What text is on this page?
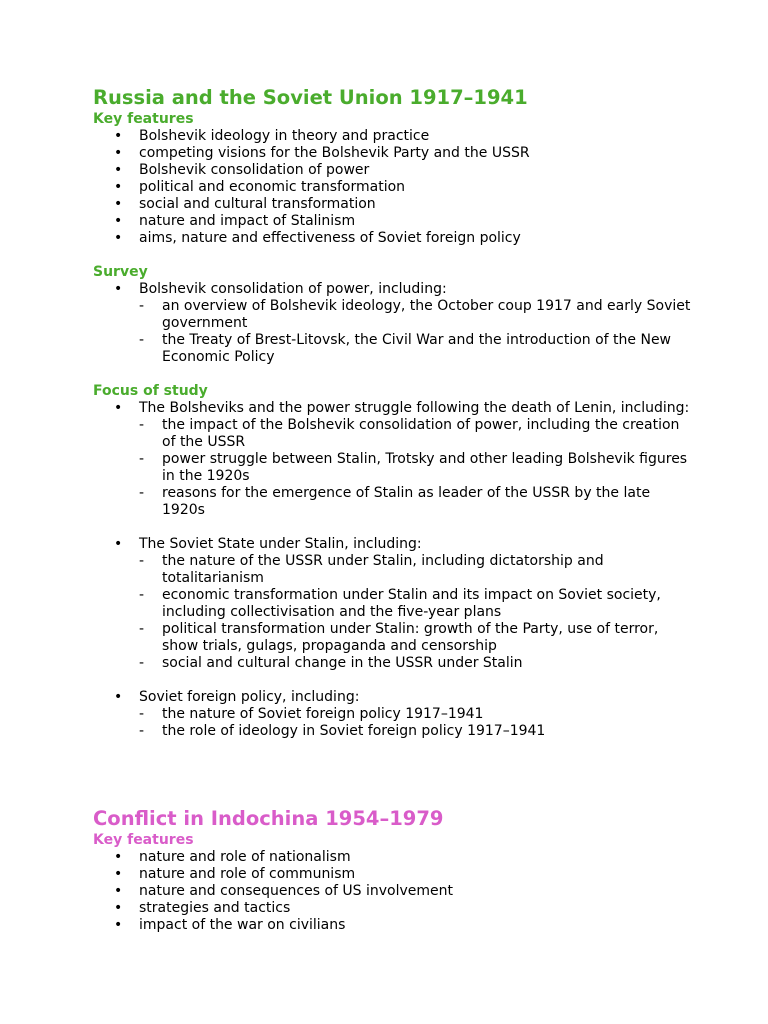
Russia and the Soviet Union 1917–1941
Key features
• Bolshevik ideology in theory and practice
• competing visions for the Bolshevik Party and the USSR
• Bolshevik consolidation of power
• political and economic transformation
• social and cultural transformation
• nature and impact of Stalinism
• aims, nature and effectiveness of Soviet foreign policy
Survey
• Bolshevik consolidation of power, including:
- an overview of Bolshevik ideology, the October coup 1917 and early Soviet government
- the Treaty of Brest-Litovsk, the Civil War and the introduction of the New Economic Policy
Focus of study
• The Bolsheviks and the power struggle following the death of Lenin, including:
- the impact of the Bolshevik consolidation of power, including the creation of the USSR
- power struggle between Stalin, Trotsky and other leading Bolshevik figures in the 1920s
- reasons for the emergence of Stalin as leader of the USSR by the late 1920s
• The Soviet State under Stalin, including:
- the nature of the USSR under Stalin, including dictatorship and totalitarianism
- economic transformation under Stalin and its impact on Soviet society, including collectivisation and the five-year plans
- political transformation under Stalin: growth of the Party, use of terror, show trials, gulags, propaganda and censorship
- social and cultural change in the USSR under Stalin
• Soviet foreign policy, including:
- the nature of Soviet foreign policy 1917–1941
- the role of ideology in Soviet foreign policy 1917–1941
Conflict in Indochina 1954–1979
Key features
• nature and role of nationalism
• nature and role of communism
• nature and consequences of US involvement
• strategies and tactics
• impact of the war on civilians
